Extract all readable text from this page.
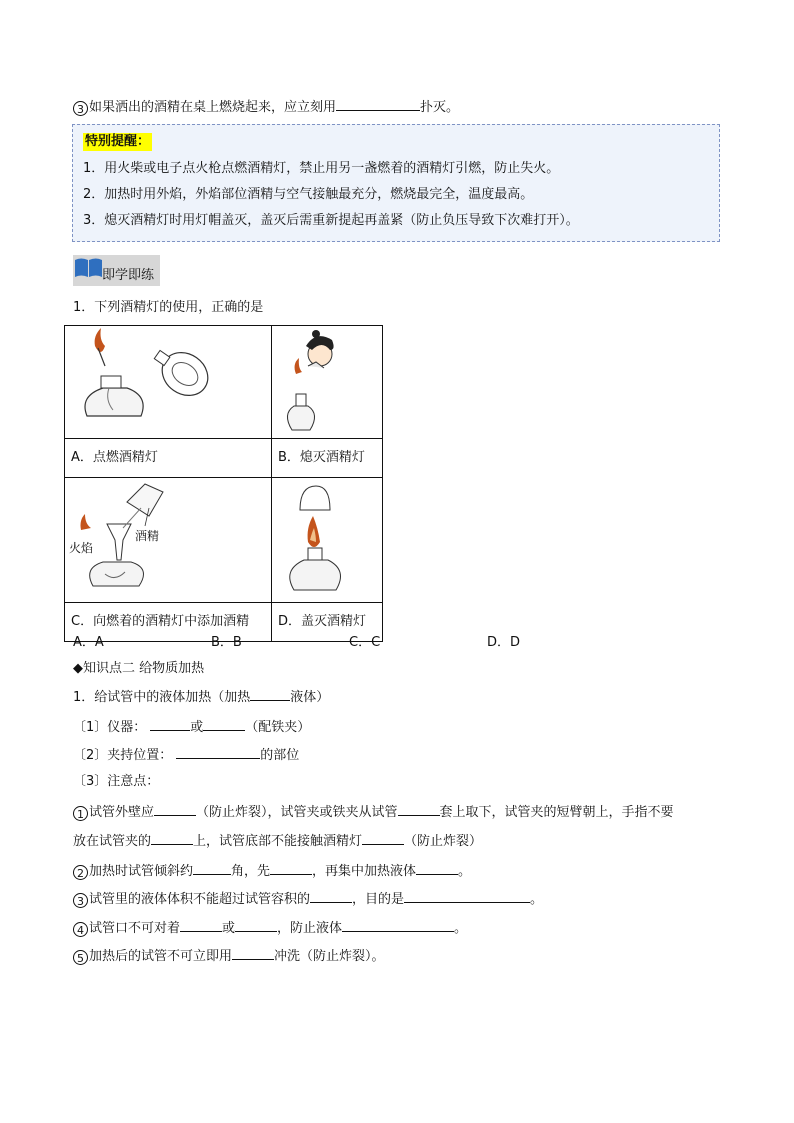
3 如果洒出的酒精在桌上燃烧起来，应立刻用	扑灭。
特别提醒：
1．用火柴或电子点火枪点燃酒精灯，禁止用另一盏燃着的酒精灯引燃，防止失火。
2．加热时用外焰，外焰部位酒精与空气接触最充分，燃烧最完全，温度最高。
3．熄灭酒精灯时用灯帽盖灭，盖灭后需重新提起再盖紧（防止负压导致下次难打开）。
即学即练
1．下列酒精灯的使用，正确的是

A．点燃酒精灯	B．熄灭酒精灯

火焰
酒精

C．向燃着的酒精灯中添加酒精	D．盖灭酒精灯
A．A	B．B	C．C	D．D
◆知识点二 给物质加热
1．给试管中的液体加热（加热	液体）
〔1〕仪器：	或	（配铁夹）
〔2〕夹持位置：	的部位
〔3〕注意点：
1 试管外壁应	（防止炸裂），试管夹或铁夹从试管	套上取下，试管夹的短臂朝上，手指不要
放在试管夹的	上，试管底部不能接触酒精灯	（防止炸裂）
2 加热时试管倾斜约	角，先	，再集中加热液体	。
3 试管里的液体体积不能超过试管容积的	，目的是	。
4 试管口不可对着	或	，防止液体	。
5 加热后的试管不可立即用	冲洗（防止炸裂）。
